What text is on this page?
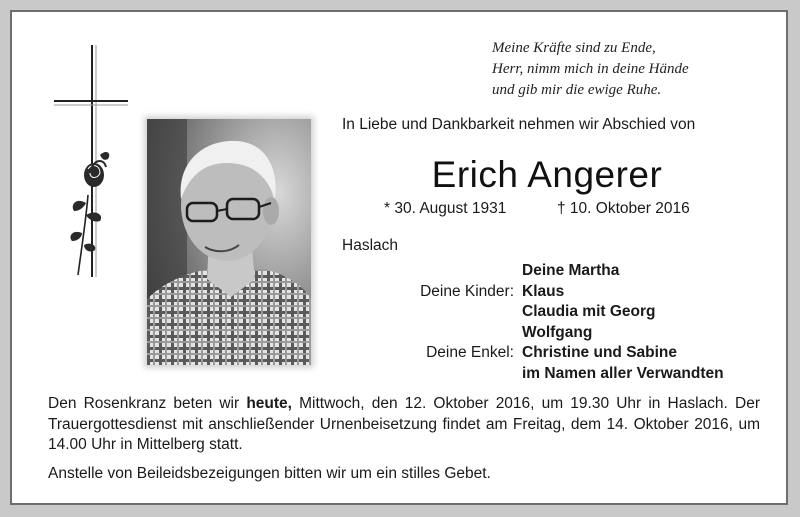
Meine Kräfte sind zu Ende,
Herr, nimm mich in deine Hände
und gib mir die ewige Ruhe.
In Liebe und Dankbarkeit nehmen wir Abschied von
Erich Angerer
* 30. August 1931	† 10. Oktober 2016
Haslach
Deine Martha
Deine Kinder: Klaus
Claudia mit Georg
Wolfgang
Deine Enkel: Christine und Sabine
im Namen aller Verwandten

Den Rosenkranz beten wir heute, Mittwoch, den 12. Oktober 2016, um 19.30 Uhr in Haslach. Der Trauergottesdienst mit anschließender Urnenbeisetzung findet am Freitag, dem 14. Oktober 2016, um 14.00 Uhr in Mittelberg statt.

Anstelle von Beileidsbezeigungen bitten wir um ein stilles Gebet.
